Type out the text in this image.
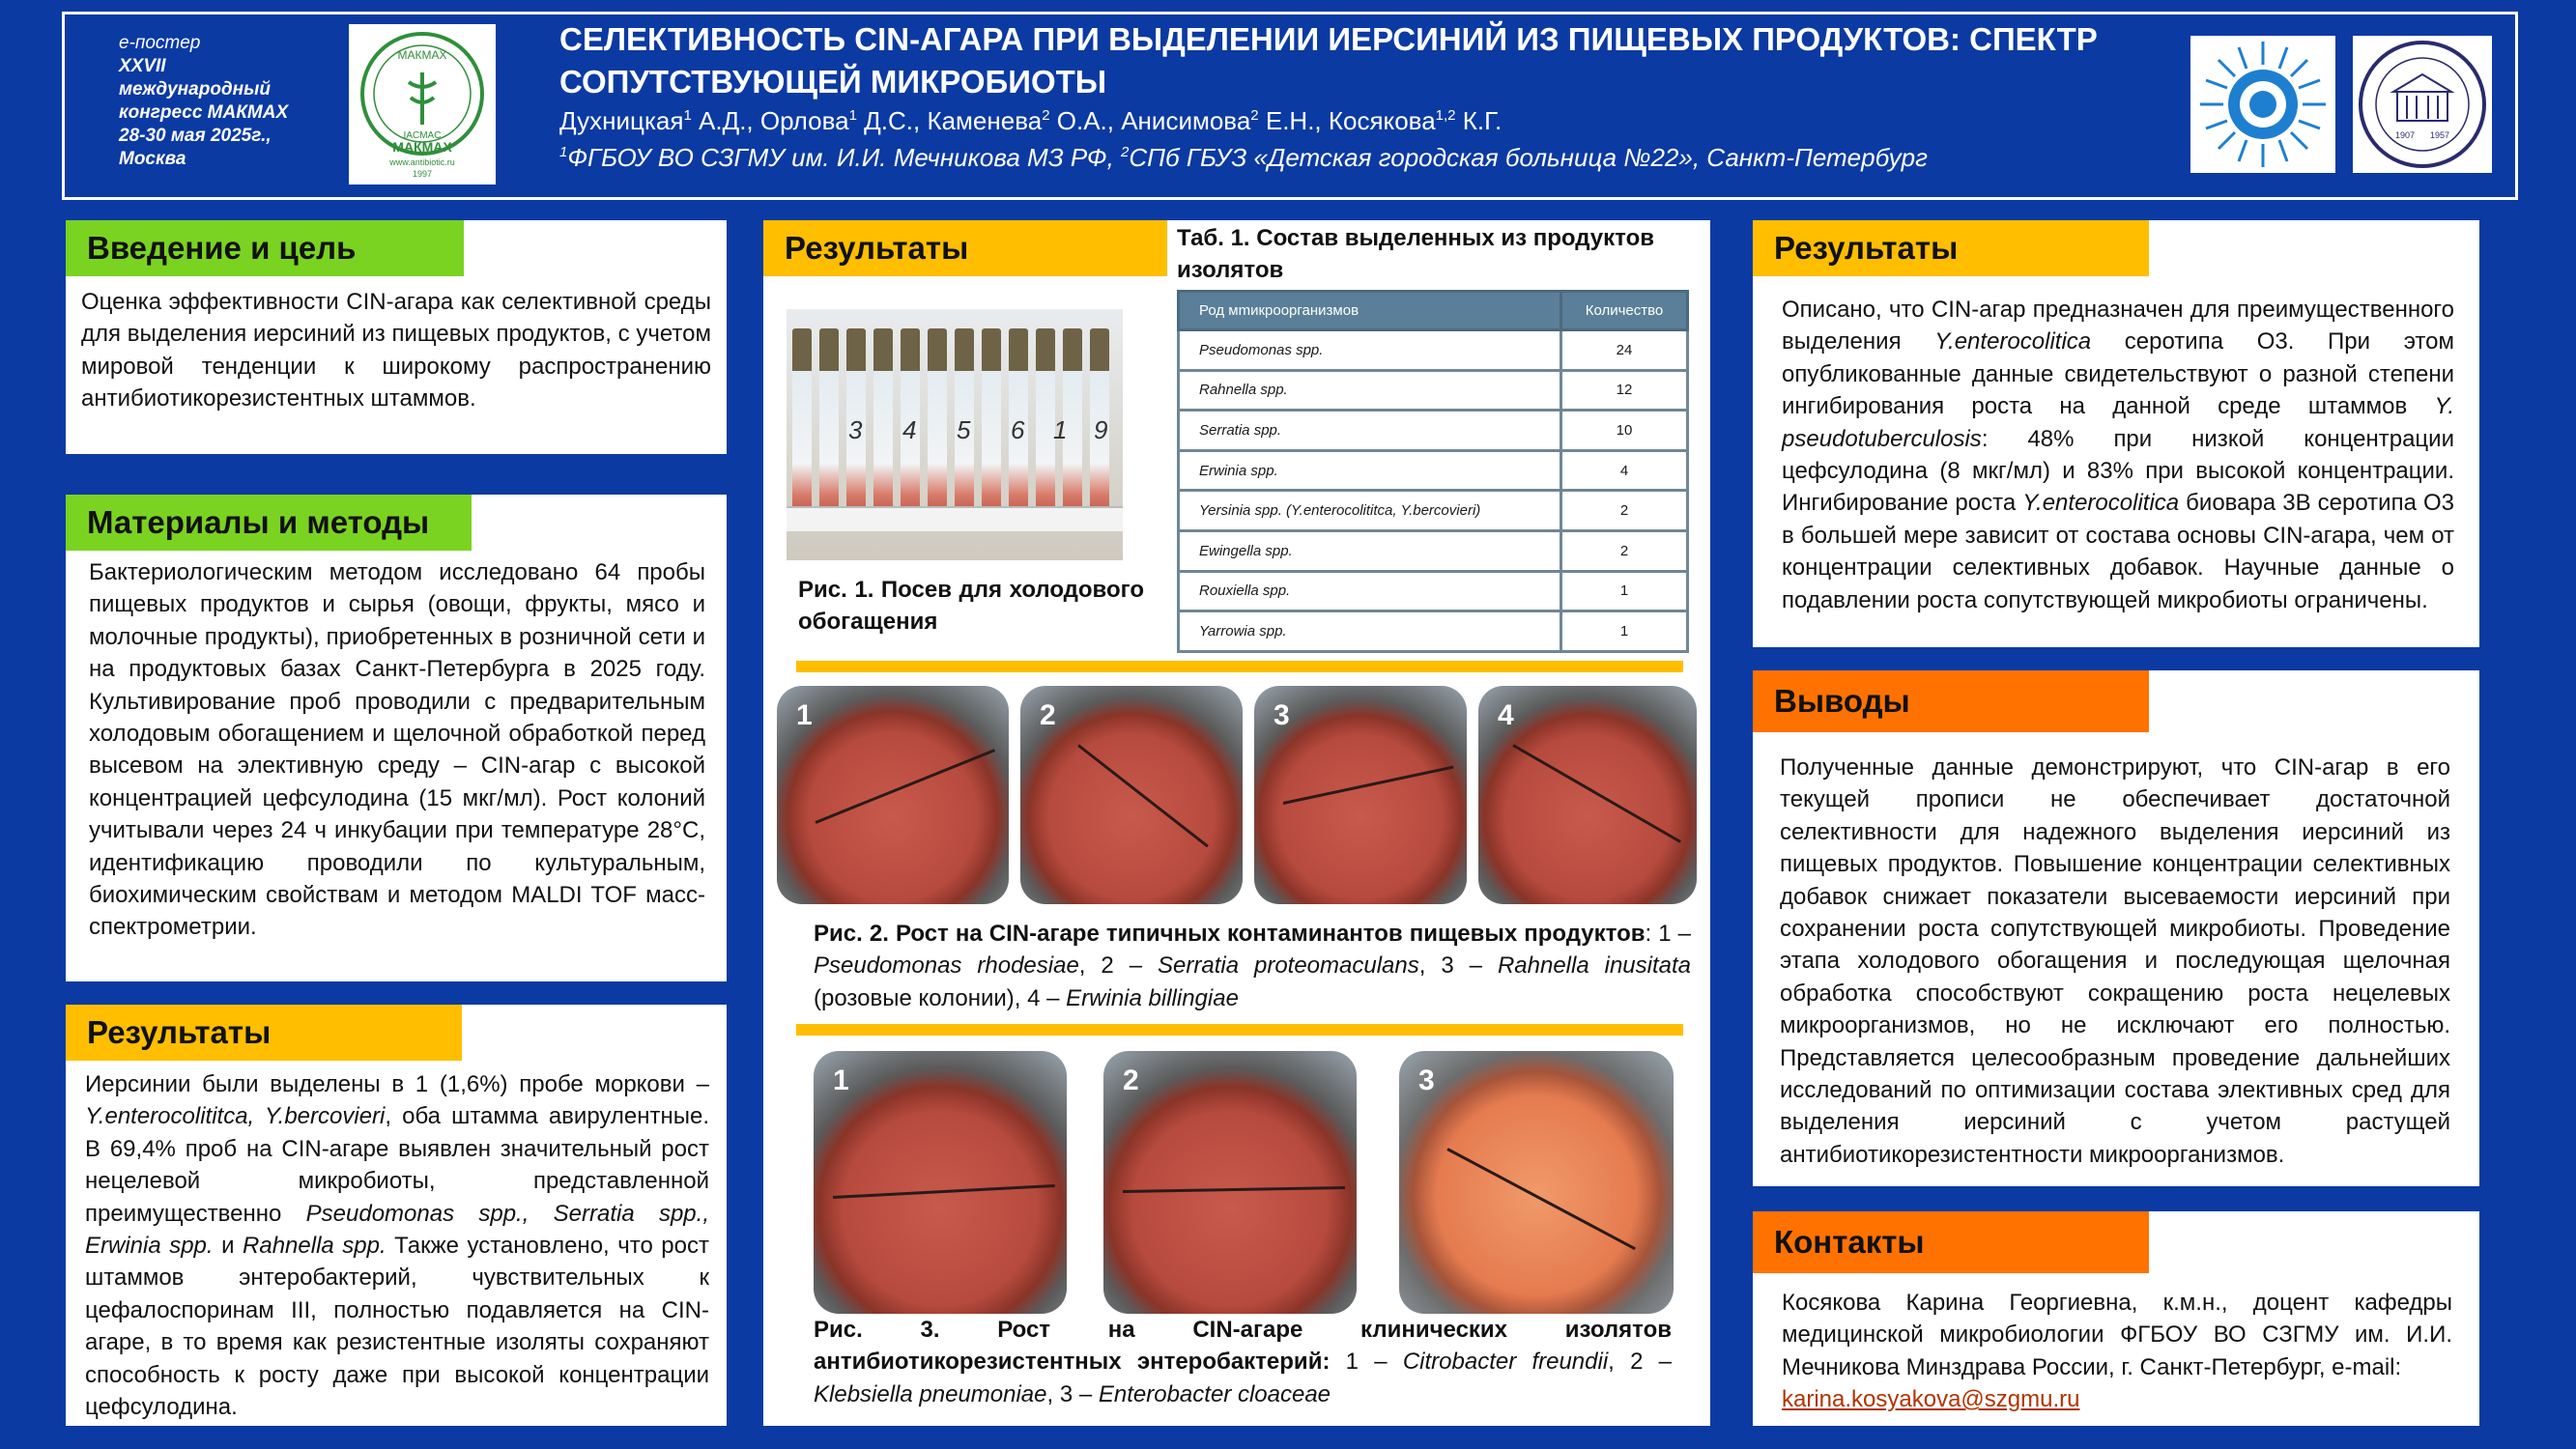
е-постер
XXVII
международный
конгресс МАКМАХ
28-30 мая 2025г.,
Москва
МАКМАХ
IACMAC
МАКМАХ
www.antibiotic.ru
1997
СЕЛЕКТИВНОСТЬ CIN-АГАРА ПРИ ВЫДЕЛЕНИИ ИЕРСИНИЙ ИЗ ПИЩЕВЫХ ПРОДУКТОВ: СПЕКТР СОПУТСТВУЮЩЕЙ МИКРОБИОТЫ
Духницкая$^1$ А.Д., Орлова$^1$ Д.С., Каменева$^2$ О.А., Анисимова$^2$ Е.Н., Косякова$^{1,2}$ К.Г.
$^1$ФГБОУ ВО СЗГМУ им. И.И. Мечникова МЗ РФ, $^2$СПб ГБУЗ «Детская городская больница №22», Санкт-Петербург
1907 1957
Введение и цель
Оценка эффективности CIN-агара как селективной среды для выделения иерсиний из пищевых продуктов, с учетом мировой тенденции к широкому распространению антибиотикорезистентных штаммов.
Материалы и методы
Бактериологическим методом исследовано 64 пробы пищевых продуктов и сырья (овощи, фрукты, мясо и молочные продукты), приобретенных в розничной сети и на продуктовых базах Санкт-Петербурга в 2025 году. Культивирование проб проводили с предварительным холодовым обогащением и щелочной обработкой перед высевом на элективную среду – CIN-агар с высокой концентрацией цефсулодина (15 мкг/мл). Рост колоний учитывали через 24 ч инкубации при температуре 28°С, идентификацию проводили по культуральным, биохимическим свойствам и методом MALDI TOF масс-спектрометрии.
Результаты
Иерсинии были выделены в 1 (1,6%) пробе моркови – Y.enterocolititca, Y.bercovieri, оба штамма авирулентные. В 69,4% проб на CIN-агаре выявлен значительный рост нецелевой микробиоты, представленной преимущественно Pseudomonas spp., Serratia spp., Erwinia spp. и Rahnella spp. Также установлено, что рост штаммов энтеробактерий, чувствительных к цефалоспоринам III, полностью подавляется на CIN-агаре, в то время как резистентные изоляты сохраняют способность к росту даже при высокой концентрации цефсулодина.
Результаты
3 4 5 6 1 9
Рис. 1. Посев для холодового обогащения
Таб. 1. Состав выделенных из продуктов изолятов
Род мmикроорганизмов	Количество
Pseudomonas spp.	24
Rahnella spp.	12
Serratia spp.	10
Erwinia spp.	4
Yersinia spp. (Y.enterocolititca, Y.bercovieri)	2
Ewingella spp.	2
Rouxiella spp.	1
Yarrowia spp.	1
1	2	3	4
Рис. 2. Рост на CIN-агаре типичных контаминантов пищевых продуктов: 1 – Pseudomonas rhodesiae, 2 – Serratia proteomaculans, 3 – Rahnella inusitata (розовые колонии), 4 – Erwinia billingiae
1	2	3
Рис. 3. Рост на CIN-агаре клинических изолятов антибиотикорезистентных энтеробактерий: 1 – Citrobacter freundii, 2 – Klebsiella pneumoniae, 3 – Enterobacter cloaceae
Результаты
Описано, что CIN-агар предназначен для преимущественного выделения Y.enterocolitica серотипа О3. При этом опубликованные данные свидетельствуют о разной степени ингибирования роста на данной среде штаммов Y. pseudotuberculosis: 48% при низкой концентрации цефсулодина (8 мкг/мл) и 83% при высокой концентрации. Ингибирование роста Y.enterocolitica биовара 3В серотипа О3 в большей мере зависит от состава основы CIN-агара, чем от концентрации селективных добавок. Научные данные о подавлении роста сопутствующей микробиоты ограничены.
Выводы
Полученные данные демонстрируют, что CIN-агар в его текущей прописи не обеспечивает достаточной селективности для надежного выделения иерсиний из пищевых продуктов. Повышение концентрации селективных добавок снижает показатели высеваемости иерсиний при сохранении роста сопутствующей микробиоты. Проведение этапа холодового обогащения и последующая щелочная обработка способствуют сокращению роста нецелевых микроорганизмов, но не исключают его полностью. Представляется целесообразным проведение дальнейших исследований по оптимизации состава элективных сред для выделения иерсиний с учетом растущей антибиотикорезистентности микроорганизмов.
Контакты
Косякова Карина Георгиевна, к.м.н., доцент кафедры медицинской микробиологии ФГБОУ ВО СЗГМУ им. И.И. Мечникова Минздрава России, г. Санкт-Петербург, e-mail:
karina.kosyakova@szgmu.ru
